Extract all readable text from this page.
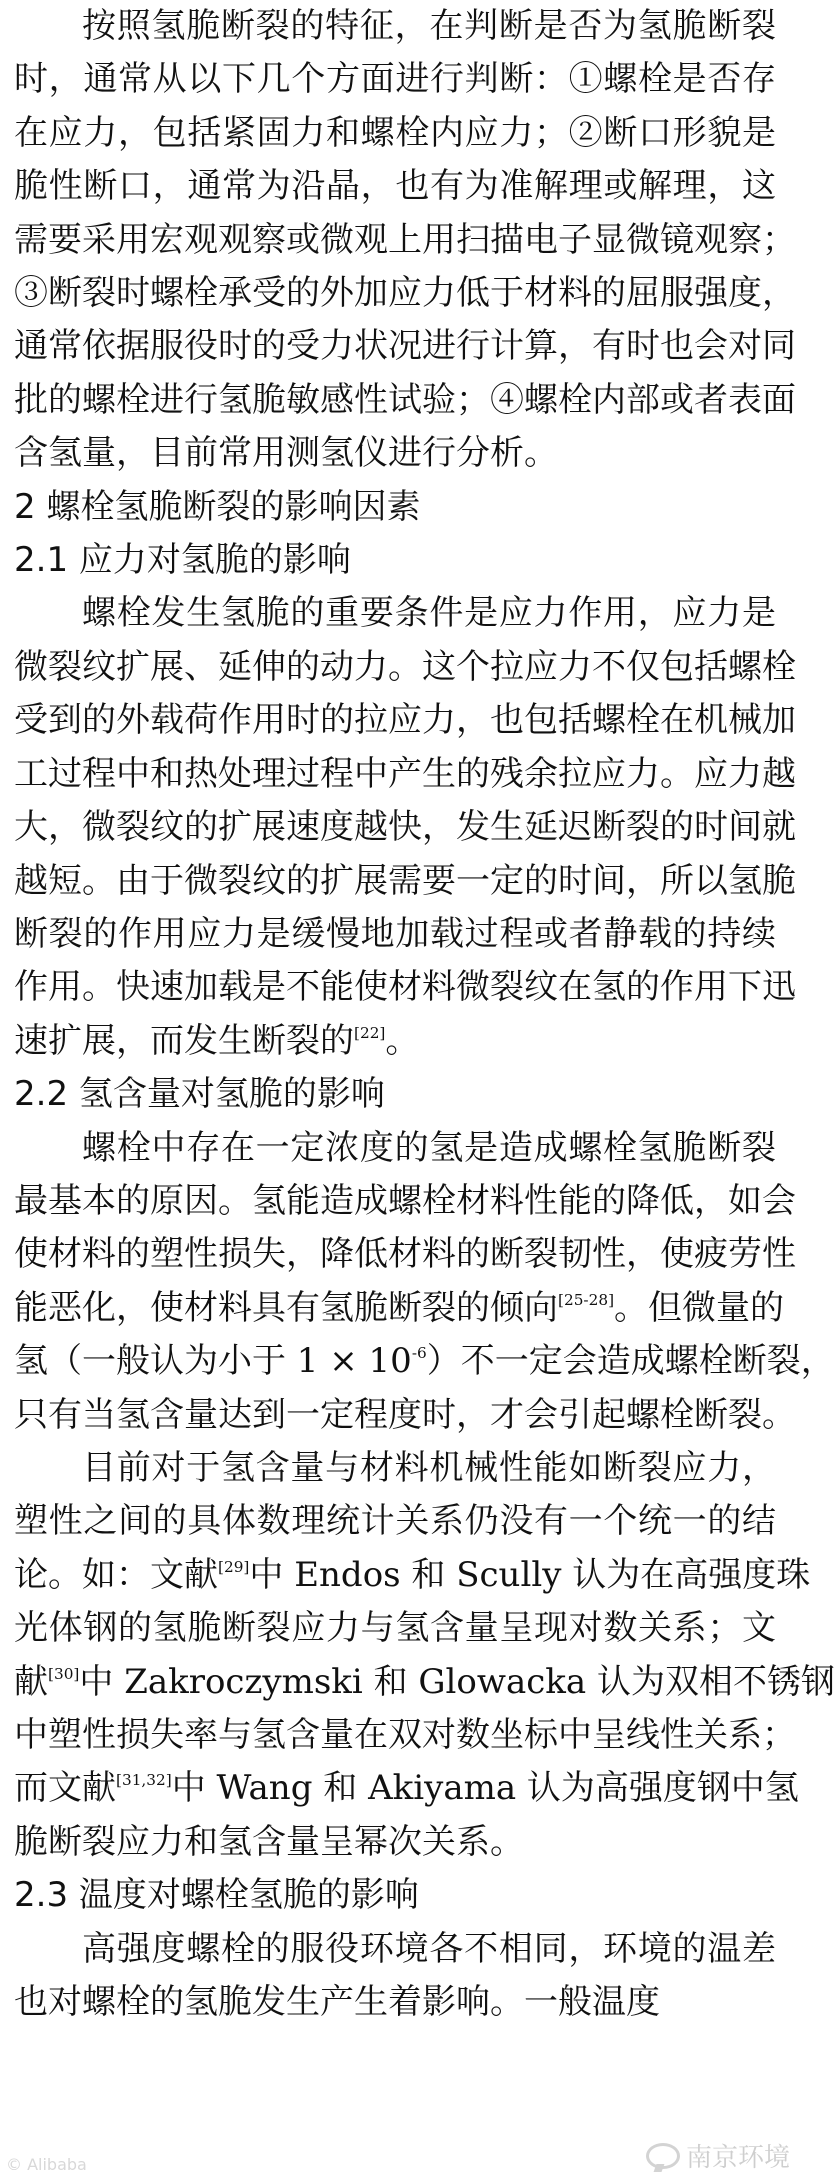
按照氢脆断裂的特征，在判断是否为氢脆断裂
时，通常从以下几个方面进行判断：①螺栓是否存
在应力，包括紧固力和螺栓内应力；②断口形貌是
脆性断口，通常为沿晶，也有为准解理或解理，这
需要采用宏观观察或微观上用扫描电子显微镜观察；
③断裂时螺栓承受的外加应力低于材料的屈服强度，
通常依据服役时的受力状况进行计算，有时也会对同
批的螺栓进行氢脆敏感性试验；④螺栓内部或者表面
含氢量，目前常用测氢仪进行分析。
2 螺栓氢脆断裂的影响因素
2.1 应力对氢脆的影响
螺栓发生氢脆的重要条件是应力作用，应力是
微裂纹扩展、延伸的动力。这个拉应力不仅包括螺栓
受到的外载荷作用时的拉应力，也包括螺栓在机械加
工过程中和热处理过程中产生的残余拉应力。应力越
大，微裂纹的扩展速度越快，发生延迟断裂的时间就
越短。由于微裂纹的扩展需要一定的时间，所以氢脆
断裂的作用应力是缓慢地加载过程或者静载的持续
作用。快速加载是不能使材料微裂纹在氢的作用下迅
速扩展，而发生断裂的[22]。
2.2 氢含量对氢脆的影响
螺栓中存在一定浓度的氢是造成螺栓氢脆断裂
最基本的原因。氢能造成螺栓材料性能的降低，如会
使材料的塑性损失，降低材料的断裂韧性，使疲劳性
能恶化，使材料具有氢脆断裂的倾向[25-28]。但微量的
氢（一般认为小于 $1 \times 10^{-6}$）不一定会造成螺栓断裂，
只有当氢含量达到一定程度时，才会引起螺栓断裂。
目前对于氢含量与材料机械性能如断裂应力，
塑性之间的具体数理统计关系仍没有一个统一的结
论。如：文献[29]中 Endos 和 Scully 认为在高强度珠
光体钢的氢脆断裂应力与氢含量呈现对数关系；文
献[30]中 Zakroczymski 和 Glowacka 认为双相不锈钢
中塑性损失率与氢含量在双对数坐标中呈线性关系；
而文献[31,32]中 Wang 和 Akiyama 认为高强度钢中氢
脆断裂应力和氢含量呈幂次关系。
2.3 温度对螺栓氢脆的影响
高强度螺栓的服役环境各不相同，环境的温差
也对螺栓的氢脆发生产生着影响。一般温度
南京环境
© Alibaba
